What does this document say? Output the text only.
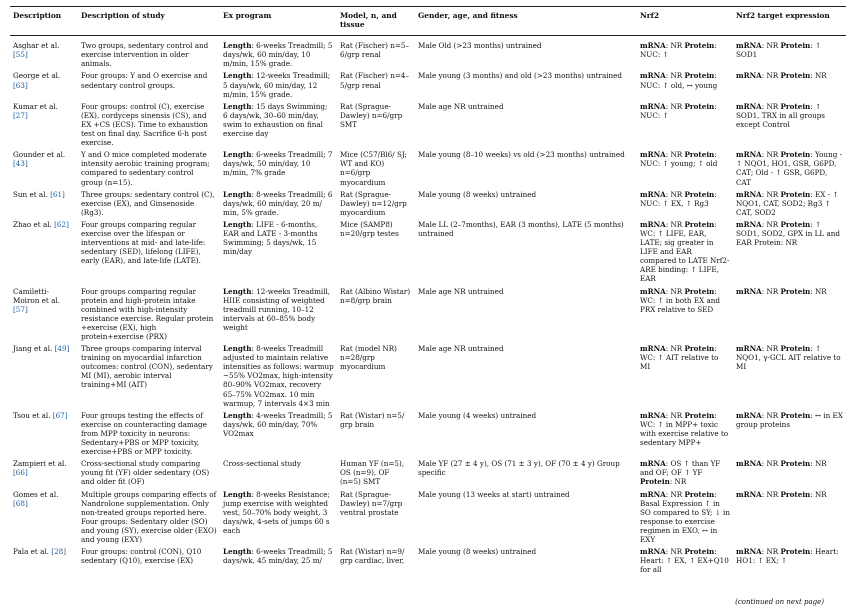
Description	Description of study	Ex program	Model, n, and tissue	Gender, age, and fitness	Nrf2	Nrf2 target expression
Asghar et al. [55]	Two groups, sedentary control and exercise intervention in older animals.	Length: 6-weeks Treadmill; 5 days/wk, 60 min/day, 10 m/min, 15% grade.	Rat (Fischer) n=5–6/grp renal	Male Old (>23 months) untrained	mRNA: NR Protein: NUC: ↑	mRNA: NR Protein: ↑ SOD1
George et al. [63]	Four groups: Y and O exercise and sedentary control groups.	Length: 12-weeks Treadmill; 5 days/wk, 60 min/day, 12 m/min, 15% grade.	Rat (Fischer) n=4–5/grp renal	Male young (3 months) and old (>23 months) untrained	mRNA: NR Protein: NUC: ↑ old, ↔ young	mRNA: NR Protein: NR
Kumar et al. [27]	Four groups: control (C), exercise (EX), cordyceps sinensis (CS), and EX +CS (ECS). Time to exhaustion test on final day. Sacrifice 6-h post exercise.	Length: 15 days Swimming; 6 days/wk, 30–60 min/day, swim to exhaustion on final exercise day	Rat (Sprague-Dawley) n=6/grp SMT	Male age NR untrained	mRNA: NR Protein: NUC: ↑	mRNA: NR Protein: ↑ SOD1, TRX in all groups except Control
Gounder et al. [43]	Y and O mice completed moderate intensity aerobic training program; compared to sedentary control group (n=15).	Length: 6-weeks Treadmill; 7 days/wk, 50 min/day, 10 m/min, 7% grade	Mice (C57/Bl6/ SJ; WT and KO) n=6/grp myocardium	Male young (8–10 weeks) vs old (>23 months) untrained	mRNA: NR Protein: NUC: ↑ young; ↑ old	mRNA: NR Protein: Young - ↑ NQO1, HO1, GSR, G6PD, CAT; Old - ↑ GSR, G6PD, CAT
Sun et al. [61]	Three groups: sedentary control (C), exercise (EX), and Ginsenoside (Rg3).	Length: 8-weeks Treadmill; 6 days/wk, 60 min/day, 20 m/ min, 5% grade.	Rat (Sprague-Dawley) n=12/grp myocardium	Male young (8 weeks) untrained	mRNA: NR Protein: NUC: ↑ EX, ↑ Rg3	mRNA: NR Protein: EX - ↑ NQO1, CAT, SOD2; Rg3 ↑ CAT, SOD2
Zhao et al. [62]	Four groups comparing regular exercise over the lifespan or interventions at mid- and late-life: sedentary (SED), lifelong (LIFE), early (EAR), and late-life (LATE).	Length: LIFE - 6-months, EAR and LATE - 3-months Swimming; 5 days/wk, 15 min/day	Mice (SAMP8) n=20/grp testes	Male LL (2–7months), EAR (3 months), LATE (5 months) untrained	mRNA: NR Protein: WC: ↑ LIFE, EAR, LATE; sig greater in LIFE and EAR compared to LATE Nrf2-ARE binding: ↑ LIFE, EAR	mRNA: NR Protein: ↑ SOD1, SOD2, GPX in LL and EAR Protein: NR
Camiletti-Moiron et al. [57]	Four groups comparing regular protein and high-protein intake combined with high-intensity resistance exercise. Regular protein +exercise (EX), high protein+exercise (PRX)	Length: 12-weeks Treadmill, HIIE consisting of weighted treadmill running, 10–12 intervals at 60–85% body weight	Rat (Albino Wistar) n=8/grp brain	Male age NR untrained	mRNA: NR Protein: WC: ↑ in both EX and PRX relative to SED	mRNA: NR Protein: NR
Jiang et al. [49]	Three groups comparing interval training on myocardial infarction outcomes: control (CON), sedentary MI (MI), aerobic interval training+MI (AIT)	Length: 8-weeks Treadmill adjusted to maintain relative intensities as follows: warmup ~55% VO2max, high-intensity 80–90% VO2max, recovery 65–75% VO2max. 10 min warmup, 7 intervals 4×3 min	Rat (model NR) n=28/grp myocardium	Male age NR untrained	mRNA: NR Protein: WC: ↑ AIT relative to MI	mRNA: NR Protein: ↑ NQO1, γ-GCL AIT relative to MI
Tsou et al. [67]	Four groups testing the effects of exercise on counteracting damage from MPP toxicity in neurons: Sedentary+PBS or MPP toxicity, exercise+PBS or MPP toxicity.	Length: 4-weeks Treadmill; 5 days/wk, 60 min/day, 70% VO2max	Rat (Wistar) n=5/ grp brain	Male young (4 weeks) untrained	mRNA: NR Protein: WC: ↑ in MPP+ toxic with exercise relative to sedentary MPP+	mRNA: NR Protein: ↔ in EX group proteins
Zampieri et al. [66]	Cross-sectional study comparing young fit (YF) older sedentary (OS) and older fit (OF)	Cross-sectional study	Human YF (n=5), OS (n=9), OF (n=5) SMT	Male YF (27 ± 4 y), OS (71 ± 3 y), OF (70 ± 4 y) Group specific	mRNA: OS ↑ than YF and OF; OF ↑ YF Protein: NR	mRNA: NR Protein: NR
Gomes et al. [68]	Multiple groups comparing effects of Nandrolone supplementation. Only non-treated groups reported here. Four groups: Sedentary older (SO) and young (SY), exercise older (EXO) and young (EXY)	Length: 8-weeks Resistance; jump exercise with weighted vest, 50–70% body weight, 3 days/wk, 4-sets of jumps 60 s each	Rat (Sprague-Dawley) n=7/grp ventral prostate	Male young (13 weeks at start) untrained	mRNA: NR Protein: Basal Expression ↑ in SO compared to SY; ↓ in response to exercise regimen in EXO, ↔ in EXY	mRNA: NR Protein: NR
Pala et al. [28]	Four groups: control (CON), Q10 sedentary (Q10), exercise (EX)	Length: 6-weeks Treadmill; 5 days/wk, 45 min/day, 25 m/	Rat (Wistar) n=9/ grp cardiac, liver,	Male young (8 weeks) untrained	mRNA: NR Protein: Heart: ↑ EX, ↑ EX+Q10 for all	mRNA: NR Protein: Heart: HO1: ↑ EX; ↑
(continued on next page)
